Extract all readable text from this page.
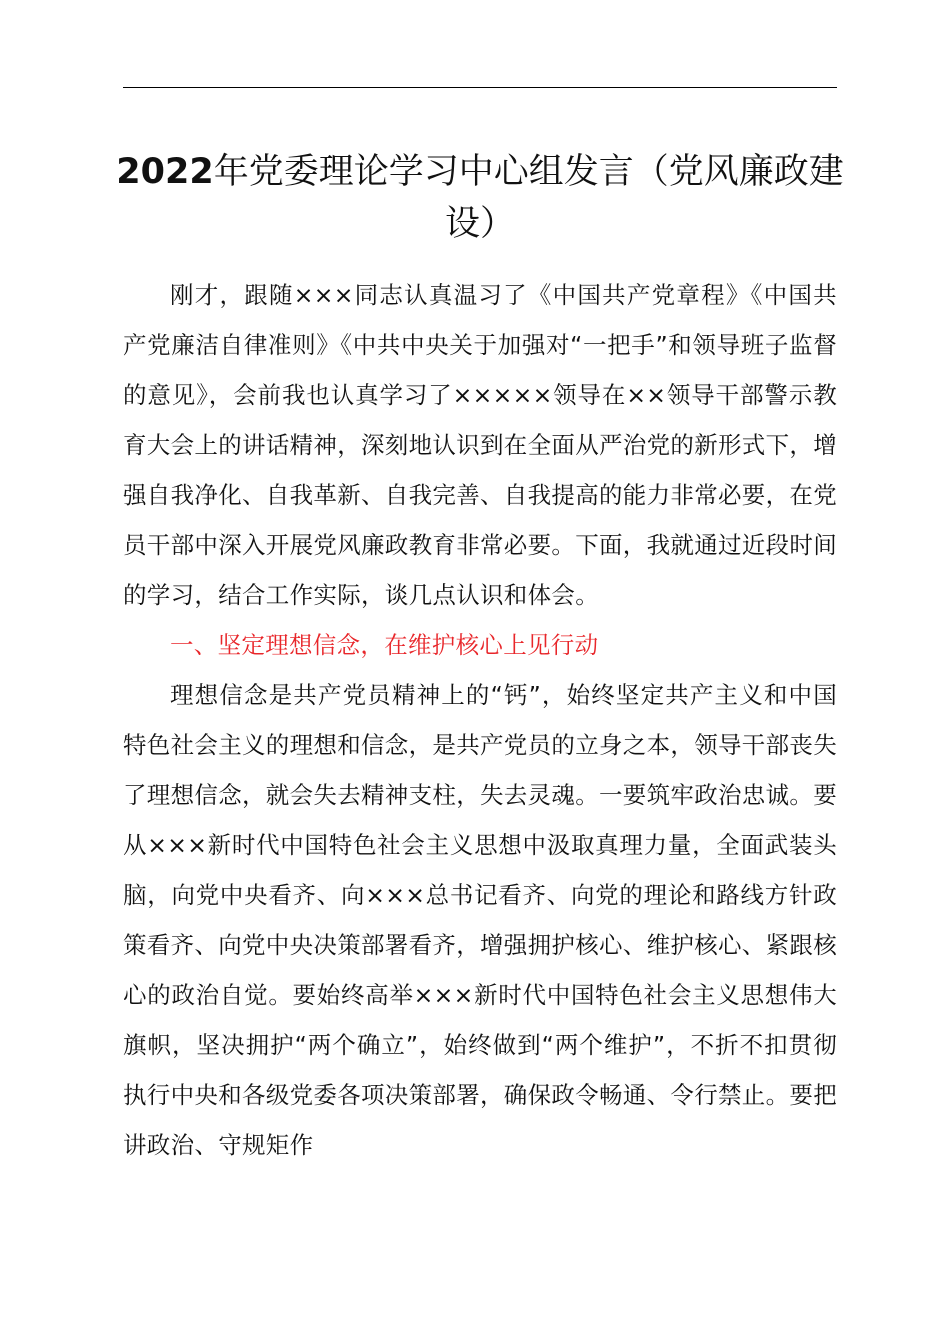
2022年党委理论学习中心组发言（党风廉政建设）

刚才，跟随×××同志认真温习了《中国共产党章程》《中国共产党廉洁自律准则》《中共中央关于加强对“一把手”和领导班子监督的意见》，会前我也认真学习了×××××领导在××领导干部警示教育大会上的讲话精神，深刻地认识到在全面从严治党的新形式下，增强自我净化、自我革新、自我完善、自我提高的能力非常必要，在党员干部中深入开展党风廉政教育非常必要。下面，我就通过近段时间的学习，结合工作实际，谈几点认识和体会。

一、坚定理想信念，在维护核心上见行动

理想信念是共产党员精神上的“钙”，始终坚定共产主义和中国特色社会主义的理想和信念，是共产党员的立身之本，领导干部丧失了理想信念，就会失去精神支柱，失去灵魂。一要筑牢政治忠诚。要从×××新时代中国特色社会主义思想中汲取真理力量，全面武装头脑，向党中央看齐、向×××总书记看齐、向党的理论和路线方针政策看齐、向党中央决策部署看齐，增强拥护核心、维护核心、紧跟核心的政治自觉。要始终高举×××新时代中国特色社会主义思想伟大旗帜，坚决拥护“两个确立”，始终做到“两个维护”，不折不扣贯彻执行中央和各级党委各项决策部署，确保政令畅通、令行禁止。要把讲政治、守规矩作
